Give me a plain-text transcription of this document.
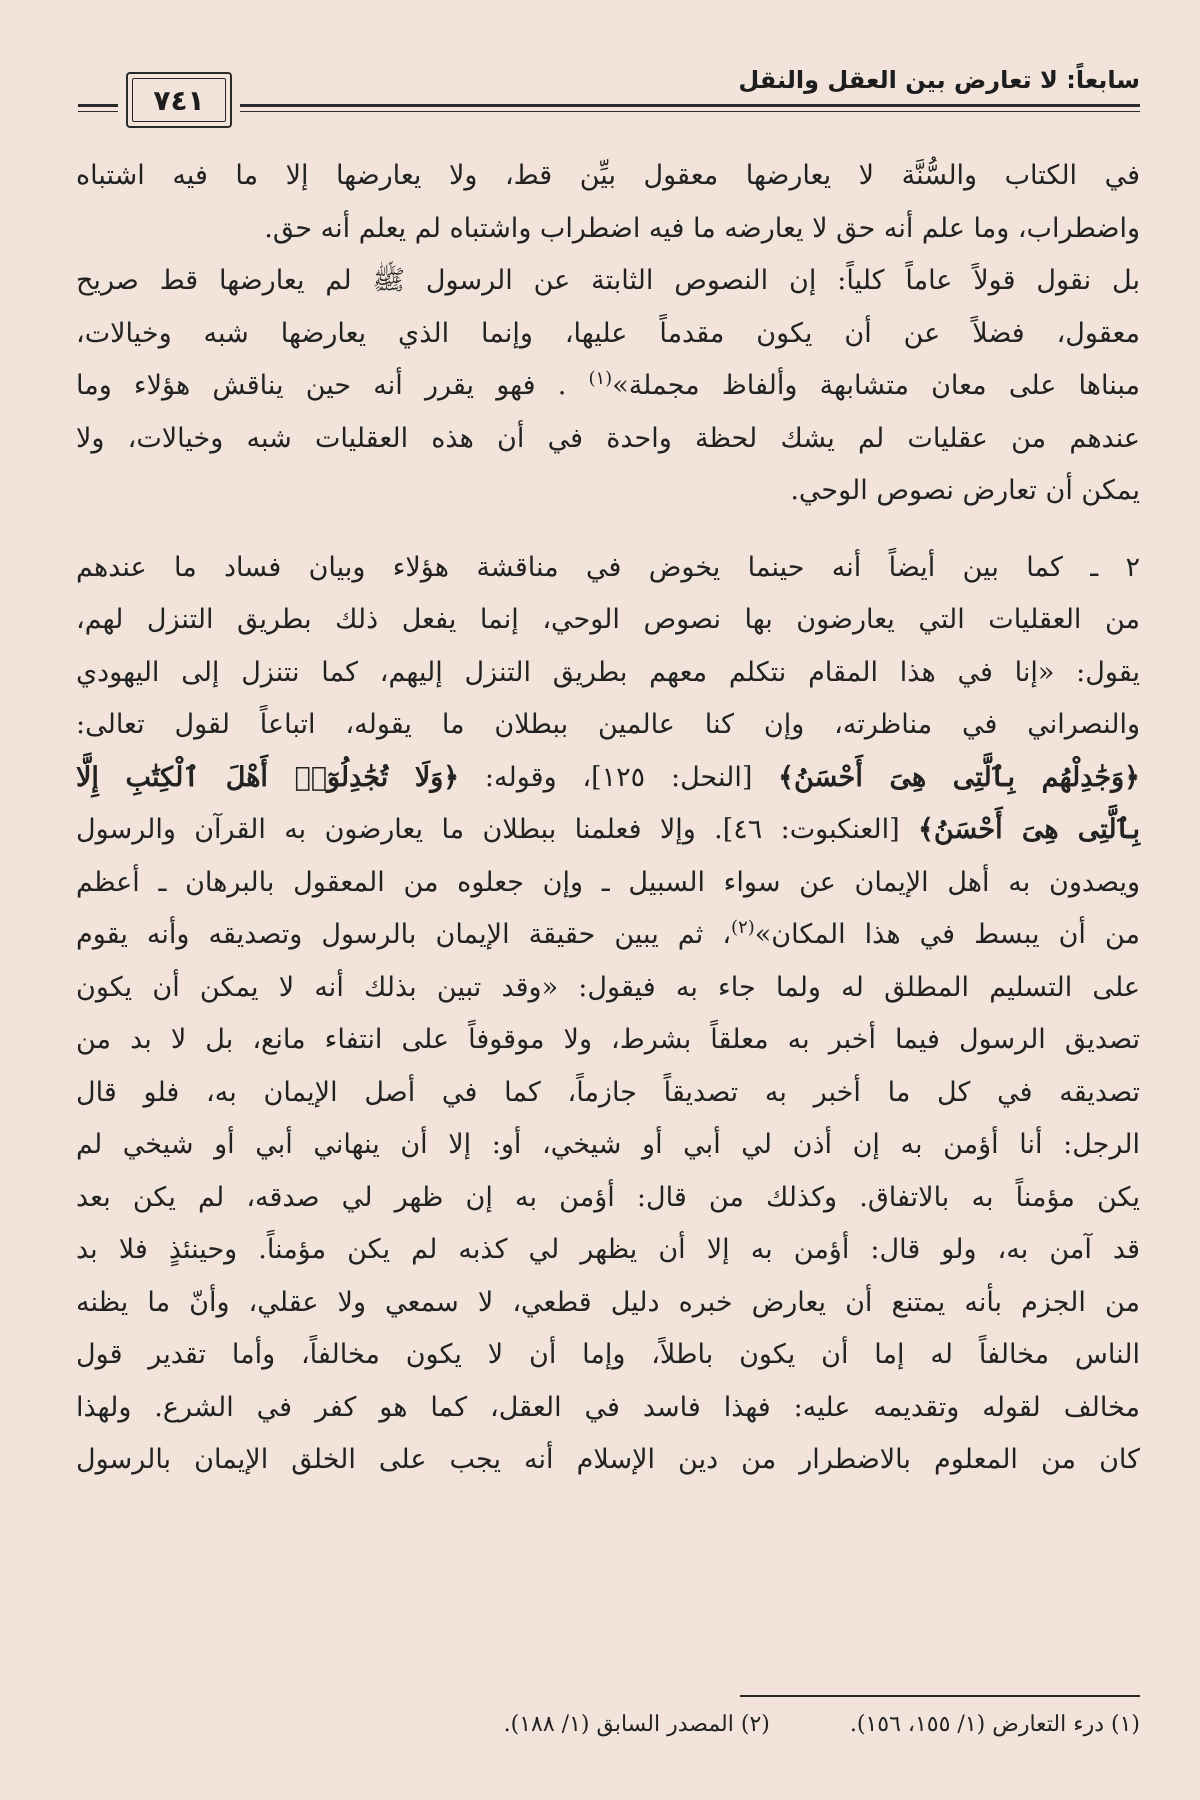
سابعاً: لا تعارض بين العقل والنقل
٧٤١

في الكتاب والسُّنَّة لا يعارضها معقول بيِّن قط، ولا يعارضها إلا ما فيه اشتباه
واضطراب، وما علم أنه حق لا يعارضه ما فيه اضطراب واشتباه لم يعلم أنه حق.

بل نقول قولاً عاماً كلياً: إن النصوص الثابتة عن الرسول ﷺ لم يعارضها قط صريح
معقول، فضلاً عن أن يكون مقدماً عليها، وإنما الذي يعارضها شبه وخيالات،
مبناها على معان متشابهة وألفاظ مجملة»$^{(١)}$ . فهو يقرر أنه حين يناقش هؤلاء وما
عندهم من عقليات لم يشك لحظة واحدة في أن هذه العقليات شبه وخيالات، ولا
يمكن أن تعارض نصوص الوحي.

٢ ـ كما بين أيضاً أنه حينما يخوض في مناقشة هؤلاء وبيان فساد ما عندهم
من العقليات التي يعارضون بها نصوص الوحي، إنما يفعل ذلك بطريق التنزل لهم،
يقول: «إنا في هذا المقام نتكلم معهم بطريق التنزل إليهم، كما نتنزل إلى اليهودي
والنصراني في مناظرته، وإن كنا عالمين ببطلان ما يقوله، اتباعاً لقول تعالى:
﴿وَجَٰدِلْهُم بِٱلَّتِى هِىَ أَحْسَنُ﴾ [النحل: ١٢٥]، وقوله: ﴿وَلَا تُجَٰدِلُوٓا۟ أَهْلَ ٱلْكِتَٰبِ إِلَّا
بِٱلَّتِى هِىَ أَحْسَنُ﴾ [العنكبوت: ٤٦]. وإلا فعلمنا ببطلان ما يعارضون به القرآن والرسول
ويصدون به أهل الإيمان عن سواء السبيل ـ وإن جعلوه من المعقول بالبرهان ـ أعظم
من أن يبسط في هذا المكان»$^{(٢)}$، ثم يبين حقيقة الإيمان بالرسول وتصديقه وأنه يقوم
على التسليم المطلق له ولما جاء به فيقول: «وقد تبين بذلك أنه لا يمكن أن يكون
تصديق الرسول فيما أخبر به معلقاً بشرط، ولا موقوفاً على انتفاء مانع، بل لا بد من
تصديقه في كل ما أخبر به تصديقاً جازماً، كما في أصل الإيمان به، فلو قال
الرجل: أنا أؤمن به إن أذن لي أبي أو شيخي، أو: إلا أن ينهاني أبي أو شيخي لم
يكن مؤمناً به بالاتفاق. وكذلك من قال: أؤمن به إن ظهر لي صدقه، لم يكن بعد
قد آمن به، ولو قال: أؤمن به إلا أن يظهر لي كذبه لم يكن مؤمناً. وحينئذٍ فلا بد
من الجزم بأنه يمتنع أن يعارض خبره دليل قطعي، لا سمعي ولا عقلي، وأنّ ما يظنه
الناس مخالفاً له إما أن يكون باطلاً، وإما أن لا يكون مخالفاً، وأما تقدير قول
مخالف لقوله وتقديمه عليه: فهذا فاسد في العقل، كما هو كفر في الشرع. ولهذا
كان من المعلوم بالاضطرار من دين الإسلام أنه يجب على الخلق الإيمان بالرسول

(١) درء التعارض (١/ ١٥٥، ١٥٦).
(٢) المصدر السابق (١/ ١٨٨).
